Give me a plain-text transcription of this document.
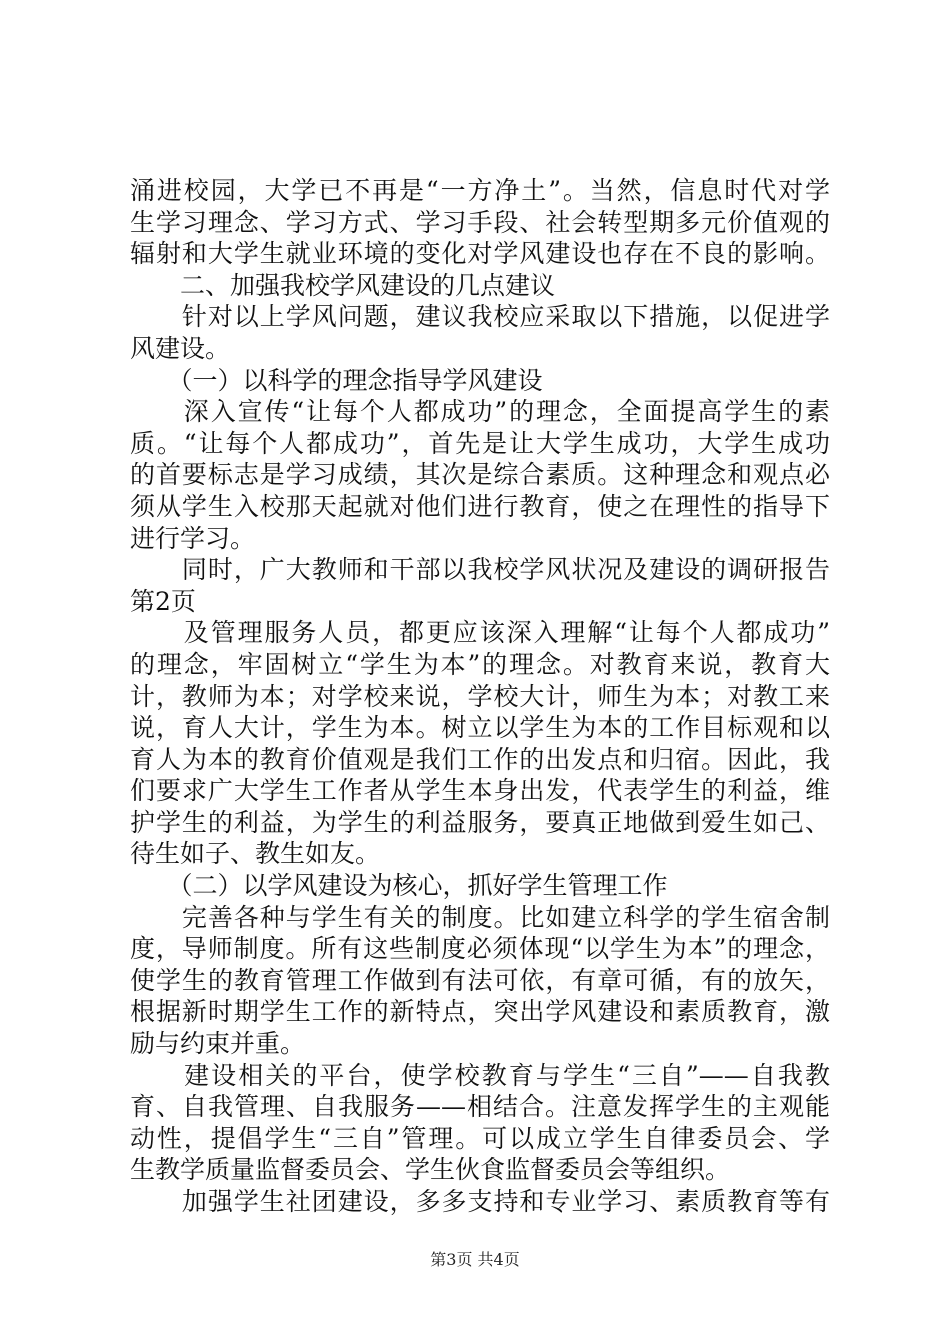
涌进校园，大学已不再是“一方净土”。当然，信息时代对学
生学习理念、学习方式、学习手段、社会转型期多元价值观的
辐射和大学生就业环境的变化对学风建设也存在不良的影响。
　　二、加强我校学风建设的几点建议
　　针对以上学风问题，建议我校应采取以下措施，以促进学
风建设。
　　（一）以科学的理念指导学风建设
　　深入宣传“让每个人都成功”的理念，全面提高学生的素
质。“让每个人都成功”，首先是让大学生成功，大学生成功
的首要标志是学习成绩，其次是综合素质。这种理念和观点必
须从学生入校那天起就对他们进行教育，使之在理性的指导下
进行学习。
　　同时，广大教师和干部以我校学风状况及建设的调研报告
第2页
　　及管理服务人员，都更应该深入理解“让每个人都成功”
的理念，牢固树立“学生为本”的理念。对教育来说，教育大
计，教师为本；对学校来说，学校大计，师生为本；对教工来
说，育人大计，学生为本。树立以学生为本的工作目标观和以
育人为本的教育价值观是我们工作的出发点和归宿。因此，我
们要求广大学生工作者从学生本身出发，代表学生的利益，维
护学生的利益，为学生的利益服务，要真正地做到爱生如己、
待生如子、教生如友。
　　（二）以学风建设为核心，抓好学生管理工作
　　完善各种与学生有关的制度。比如建立科学的学生宿舍制
度，导师制度。所有这些制度必须体现“以学生为本”的理念，
使学生的教育管理工作做到有法可依，有章可循，有的放矢，
根据新时期学生工作的新特点，突出学风建设和素质教育，激
励与约束并重。
　　建设相关的平台，使学校教育与学生“三自”——自我教
育、自我管理、自我服务——相结合。注意发挥学生的主观能
动性，提倡学生“三自”管理。可以成立学生自律委员会、学
生教学质量监督委员会、学生伙食监督委员会等组织。
　　加强学生社团建设，多多支持和专业学习、素质教育等有
第3页 共4页
